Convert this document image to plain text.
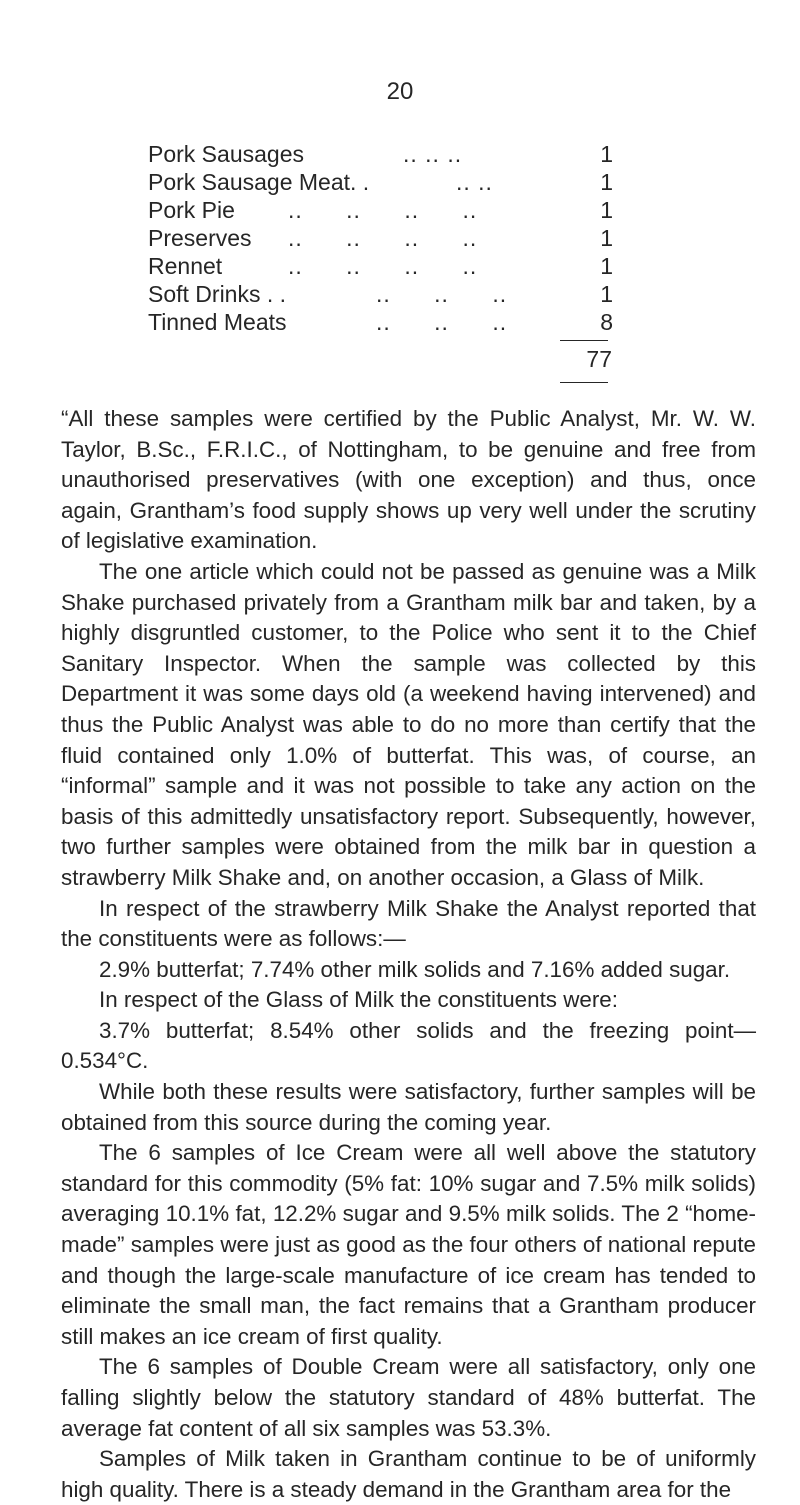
20
Pork Sausages	.. .. ..	1
Pork Sausage Meat. .	.. ..	1
Pork Pie .. .. .. ..	1
Preserves .. .. .. ..	1
Rennet	.. .. .. ..	1
Soft Drinks . .	.. .. ..	1
Tinned Meats	.. .. ..	8
77

“All these samples were certified by the Public Analyst, Mr. W. W. Taylor, B.Sc., F.R.I.C., of Nottingham, to be genuine and free from unauthorised preservatives (with one exception) and thus, once again, Grantham’s food supply shows up very well under the scrutiny of legislative examination.

The one article which could not be passed as genuine was a Milk Shake purchased privately from a Grantham milk bar and taken, by a highly disgruntled customer, to the Police who sent it to the Chief Sanitary Inspector. When the sample was collected by this Department it was some days old (a weekend having intervened) and thus the Public Analyst was able to do no more than certify that the fluid contained only 1.0% of butterfat. This was, of course, an “informal” sample and it was not possible to take any action on the basis of this admittedly unsatisfactory report. Subsequently, however, two further samples were obtained from the milk bar in question a strawberry Milk Shake and, on another occasion, a Glass of Milk.

In respect of the strawberry Milk Shake the Analyst reported that the constituents were as follows:—

2.9% butterfat; 7.74% other milk solids and 7.16% added sugar.

In respect of the Glass of Milk the constituents were:

3.7% butterfat; 8.54% other solids and the freezing point—0.534°C.

While both these results were satisfactory, further samples will be obtained from this source during the coming year.

The 6 samples of Ice Cream were all well above the statutory standard for this commodity (5% fat: 10% sugar and 7.5% milk solids) averaging 10.1% fat, 12.2% sugar and 9.5% milk solids. The 2 “home-made” samples were just as good as the four others of national repute and though the large-scale manufacture of ice cream has tended to eliminate the small man, the fact remains that a Grantham producer still makes an ice cream of first quality.

The 6 samples of Double Cream were all satisfactory, only one falling slightly below the statutory standard of 48% butterfat. The average fat content of all six samples was 53.3%.

Samples of Milk taken in Grantham continue to be of uniformly high quality. There is a steady demand in the Grantham area for the
